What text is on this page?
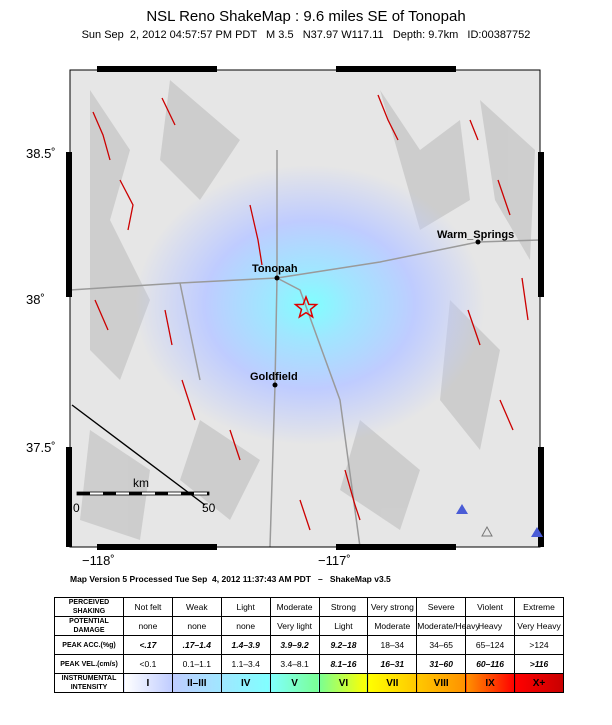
NSL Reno ShakeMap : 9.6 miles SE of Tonopah
Sun Sep  2, 2012 04:57:57 PM PDT   M 3.5   N37.97 W117.11   Depth: 9.7km   ID:00387752
Warm_Springs
Tonopah
Goldfield
km
0	50
38.5˚
38˚
37.5˚
−118˚	−117˚
Map Version 5 Processed Tue Sep  4, 2012 11:37:43 AM PDT   –   ShakeMap v3.5
PERCEIVED SHAKING	Not felt	Weak	Light	Moderate	Strong	Very strong	Severe	Violent	Extreme
POTENTIAL DAMAGE	none	none	none	Very light	Light	Moderate	Moderate/Heavy	Heavy	Very Heavy
PEAK ACC.(%g)	<.17	.17–1.4	1.4–3.9	3.9–9.2	9.2–18	18–34	34–65	65–124	>124
PEAK VEL.(cm/s)	<0.1	0.1–1.1	1.1–3.4	3.4–8.1	8.1–16	16–31	31–60	60–116	>116
INSTRUMENTAL INTENSITY	I	II–III	IV	V	VI	VII	VIII	IX	X+
